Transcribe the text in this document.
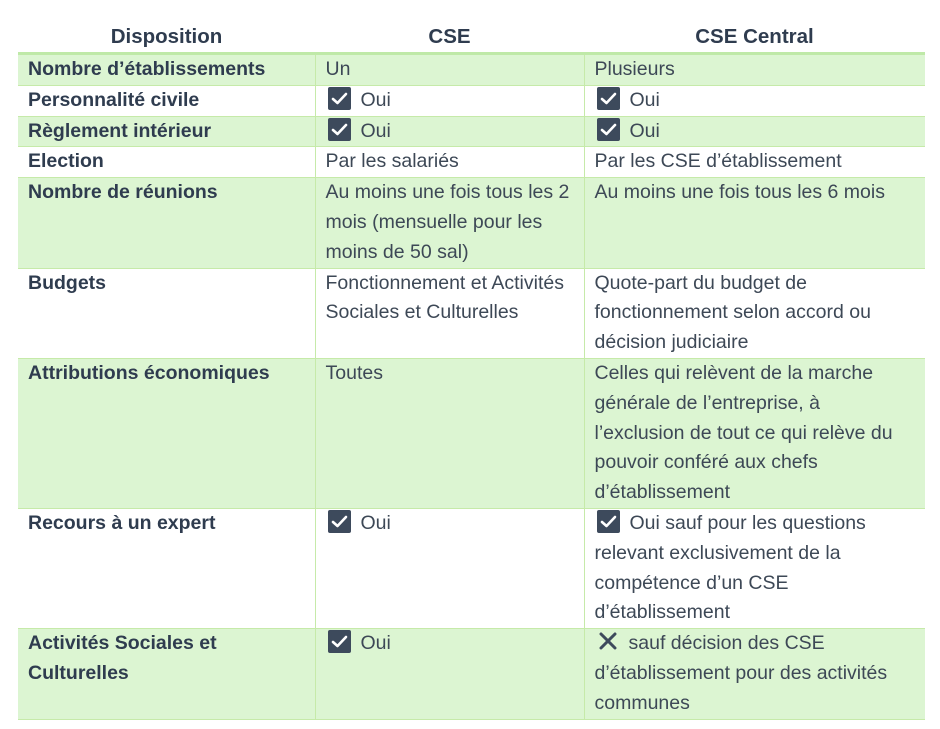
Disposition	CSE	CSE Central
Nombre d’établissements	Un	Plusieurs
Personnalité civile	Oui	Oui
Règlement intérieur	Oui	Oui
Election	Par les salariés	Par les CSE d’établissement
Nombre de réunions	Au moins une fois tous les 2 mois (mensuelle pour les moins de 50 sal)	Au moins une fois tous les 6 mois
Budgets	Fonctionnement et Activités Sociales et Culturelles	Quote-part du budget de fonctionnement selon accord ou décision judiciaire
Attributions économiques	Toutes	Celles qui relèvent de la marche générale de l’entreprise, à l’exclusion de tout ce qui relève du pouvoir conféré aux chefs d’établissement
Recours à un expert	Oui	Oui sauf pour les questions relevant exclusivement de la compétence d’un CSE d’établissement
Activités Sociales et Culturelles	Oui	sauf décision des CSE d’établissement pour des activités communes
